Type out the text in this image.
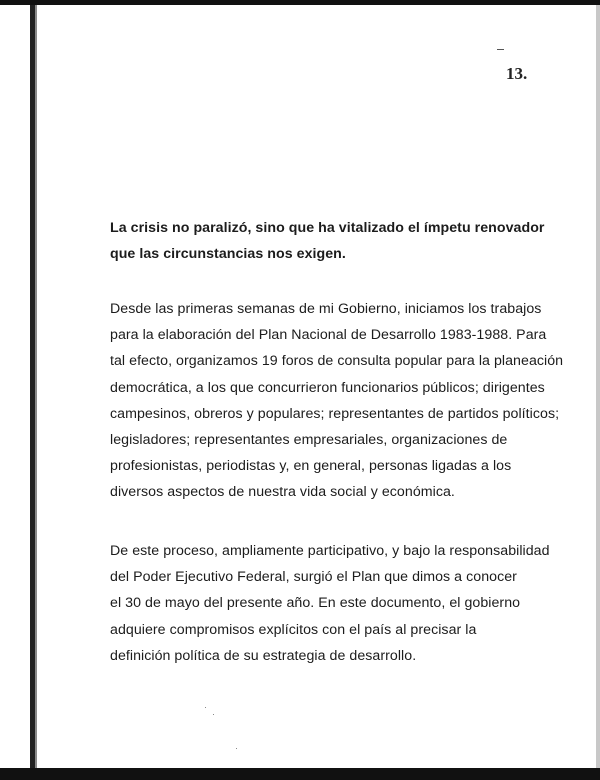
13.
La crisis no paralizó, sino que ha vitalizado el ímpetu renovador
que las circunstancias nos exigen.
Desde las primeras semanas de mi Gobierno, iniciamos los trabajos
para la elaboración del Plan Nacional de Desarrollo 1983-1988. Para
tal efecto, organizamos 19 foros de consulta popular para la planeación
democrática, a los que concurrieron funcionarios públicos; dirigentes
campesinos, obreros y populares; representantes de partidos políticos;
legisladores; representantes empresariales, organizaciones de
profesionistas, periodistas y, en general, personas ligadas a los
diversos aspectos de nuestra vida social y económica.
De este proceso, ampliamente participativo, y bajo la responsabilidad
del Poder Ejecutivo Federal, surgió el Plan que dimos a conocer
el 30 de mayo del presente año. En este documento, el gobierno
adquiere compromisos explícitos con el país al precisar la
definición política de su estrategia de desarrollo.
